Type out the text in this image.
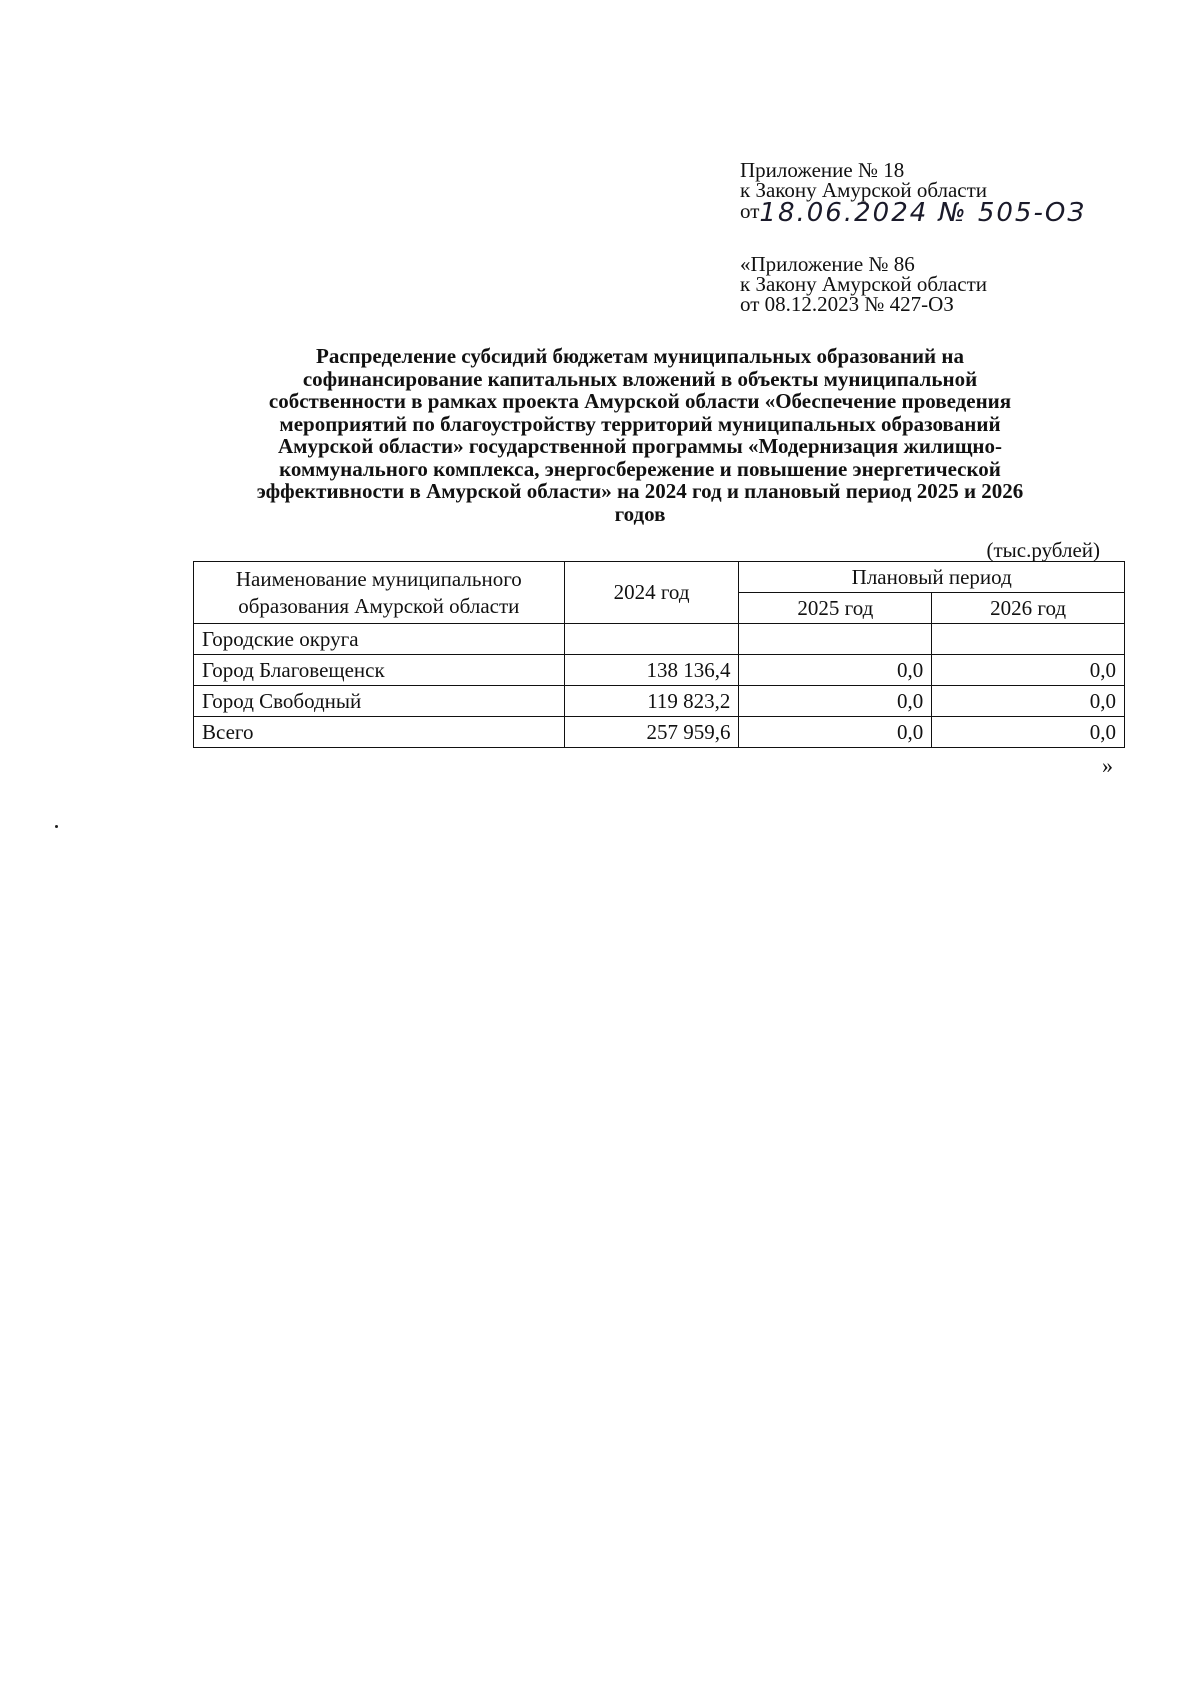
Приложение № 18
к Закону Амурской области
от18.06.2024 № 505-ОЗ
«Приложение № 86
к Закону Амурской области
от 08.12.2023 № 427-ОЗ
Распределение субсидий бюджетам муниципальных образований на
софинансирование капитальных вложений в объекты муниципальной
собственности в рамках проекта Амурской области «Обеспечение проведения
мероприятий по благоустройству территорий муниципальных образований
Амурской области» государственной программы «Модернизация жилищно-
коммунального комплекса, энергосбережение и повышение энергетической
эффективности в Амурской области» на 2024 год и плановый период 2025 и 2026
годов
(тыс.рублей)
Наименование муниципального
образования Амурской области	2024 год	Плановый период	
		2025 год	2026 год
Городские округа			
Город Благовещенск	138 136,4	0,0	0,0
Город Свободный	119 823,2	0,0	0,0
Всего	257 959,6	0,0	0,0
»
